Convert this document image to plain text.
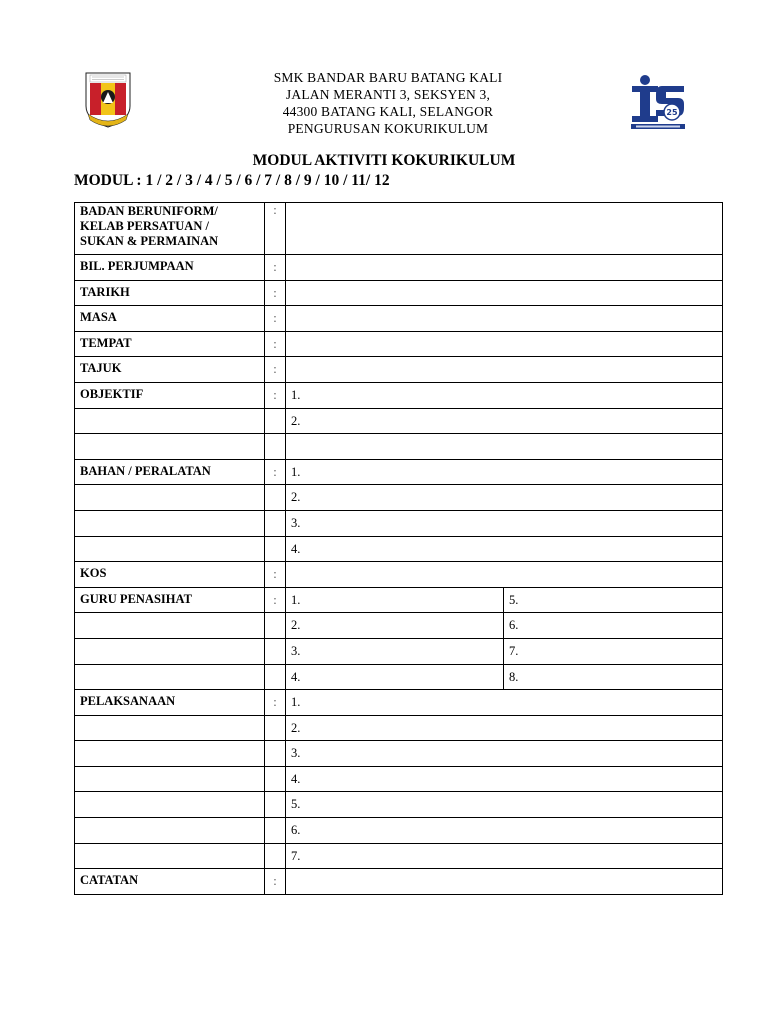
SMK BANDAR BARU BATANG KALI
JALAN MERANTI 3, SEKSYEN 3,
44300 BATANG KALI, SELANGOR
PENGURUSAN KOKURIKULUM
25
MODUL AKTIVITI KOKURIKULUM
MODUL : 1 / 2 / 3 / 4 / 5 / 6 / 7 / 8 / 9 / 10 / 11/ 12
BADAN BERUNIFORM/
KELAB PERSATUAN /
SUKAN & PERMAINAN	:		
BIL. PERJUMPAAN	:		
TARIKH	:		
MASA	:		
TEMPAT	:		
TAJUK	:		
OBJEKTIF	:	1.	
		2.	

BAHAN / PERALATAN	:	1.	
		2.	
		3.	
		4.	
KOS	:		
GURU PENASIHAT	:	1.	5.
		2.	6.
		3.	7.
		4.	8.
PELAKSANAAN	:	1.	
		2.	
		3.	
		4.	
		5.	
		6.	
		7.	
CATATAN	:		
